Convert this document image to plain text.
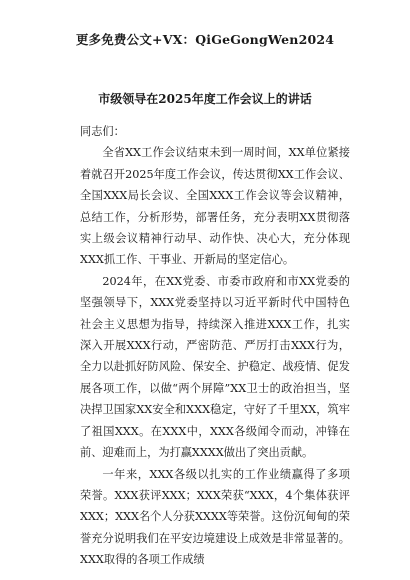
更多免费公文+VX：QiGeGongWen2024
市级领导在2025年度工作会议上的讲话

同志们：

全省XX工作会议结束未到一周时间，XX单位紧接着就召开2025年度工作会议，传达贯彻XX工作会议、全国XXX局长会议、全国XXX工作会议等会议精神，总结工作，分析形势，部署任务，充分表明XX贯彻落实上级会议精神行动早、动作快、决心大，充分体现XXX抓工作、干事业、开新局的坚定信心。

2024年，在XX党委、市委市政府和市XX党委的坚强领导下，XXX党委坚持以习近平新时代中国特色社会主义思想为指导，持续深入推进XXX工作，扎实深入开展XXX行动，严密防范、严厉打击XXX行为，全力以赴抓好防风险、保安全、护稳定、战疫情、促发展各项工作，以做“两个屏障”XX卫士的政治担当，坚决捍卫国家XX安全和XXX稳定，守好了千里XX，筑牢了祖国XXX。在XXX中，XXX各级闻令而动，冲锋在前、迎难而上，为打赢XXXX做出了突出贡献。

一年来，XXX各级以扎实的工作业绩赢得了多项荣誉。XXX获评XXX；XXX荣获“XXX，4个集体获评XXX；XXX名个人分获XXXX等荣誉。这份沉甸甸的荣誉充分说明我们在平安边境建设上成效是非常显著的。XXX取得的各项工作成绩
